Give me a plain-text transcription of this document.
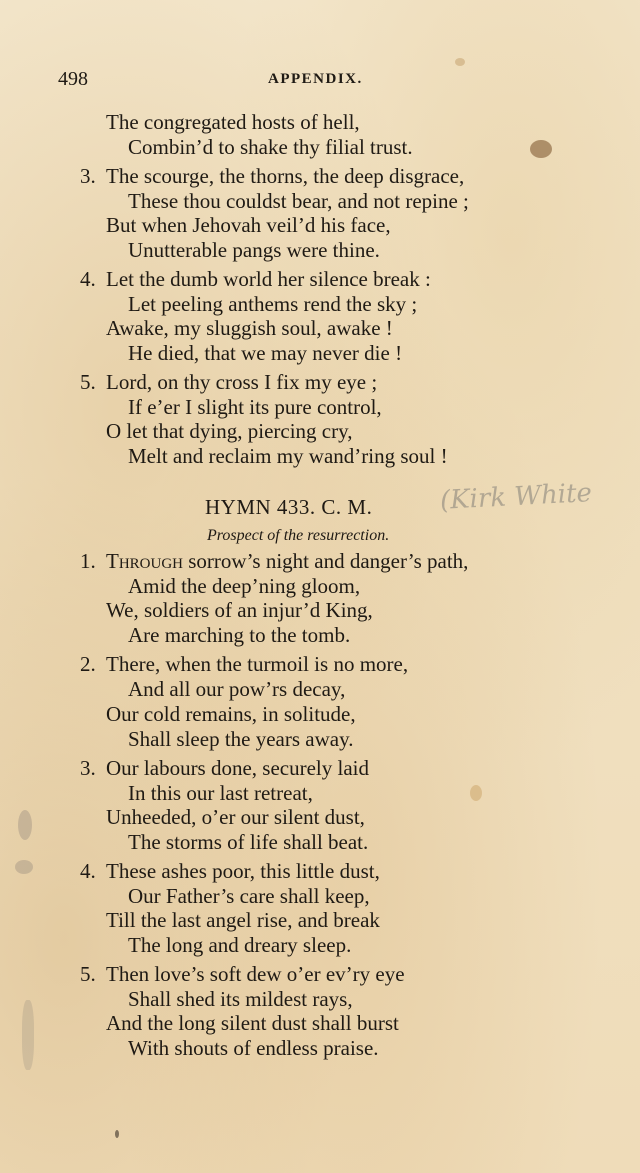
498	APPENDIX.
The congregated hosts of hell,
Combin’d to shake thy filial trust.
3. The scourge, the thorns, the deep disgrace,
These thou couldst bear, and not repine ;
But when Jehovah veil’d his face,
Unutterable pangs were thine.
4. Let the dumb world her silence break :
Let peeling anthems rend the sky ;
Awake, my sluggish soul, awake !
He died, that we may never die !
5. Lord, on thy cross I fix my eye ;
If e’er I slight its pure control,
O let that dying, piercing cry,
Melt and reclaim my wand’ring soul !
HYMN 433. C. M.	(Kirk White
Prospect of the resurrection.
1.
Amid the deep’ning gloom,
We, soldiers of an injur’d King,
Are marching to the tomb.
2. There, when the turmoil is no more,
And all our pow’rs decay,
Our cold remains, in solitude,
Shall sleep the years away.
3. Our labours done, securely laid
In this our last retreat,
Unheeded, o’er our silent dust,
The storms of life shall beat.
4. These ashes poor, this little dust,
Our Father’s care shall keep,
Till the last angel rise, and break
The long and dreary sleep.
5. Then love’s soft dew o’er ev’ry eye
Shall shed its mildest rays,
And the long silent dust shall burst
With shouts of endless praise.
Through sorrow’s night and danger’s path,
